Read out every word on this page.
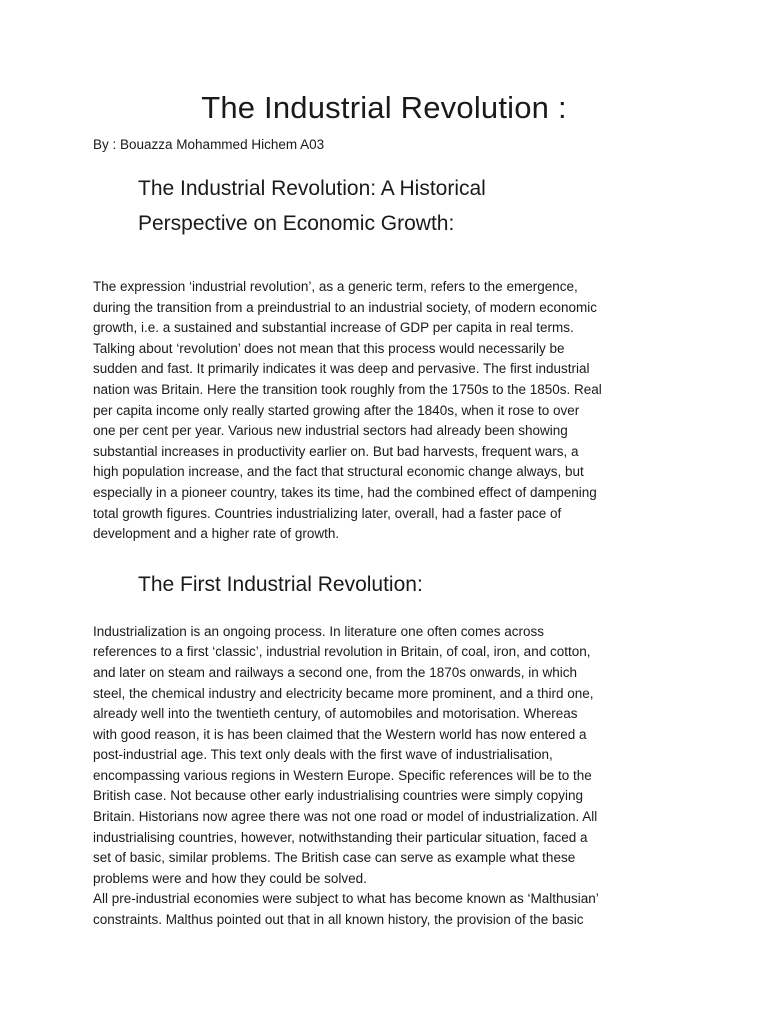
The Industrial Revolution :

By : Bouazza Mohammed Hichem A03

The Industrial Revolution: A Historical
Perspective on Economic Growth:

The expression ‘industrial revolution’, as a generic term, refers to the emergence,
during the transition from a preindustrial to an industrial society, of modern economic
growth, i.e. a sustained and substantial increase of GDP per capita in real terms.
Talking about ‘revolution’ does not mean that this process would necessarily be
sudden and fast. It primarily indicates it was deep and pervasive. The first industrial
nation was Britain. Here the transition took roughly from the 1750s to the 1850s. Real
per capita income only really started growing after the 1840s, when it rose to over
one per cent per year. Various new industrial sectors had already been showing
substantial increases in productivity earlier on. But bad harvests, frequent wars, a
high population increase, and the fact that structural economic change always, but
especially in a pioneer country, takes its time, had the combined effect of dampening
total growth figures. Countries industrializing later, overall, had a faster pace of
development and a higher rate of growth.

The First Industrial Revolution:

Industrialization is an ongoing process. In literature one often comes across
references to a first ‘classic’, industrial revolution in Britain, of coal, iron, and cotton,
and later on steam and railways a second one, from the 1870s onwards, in which
steel, the chemical industry and electricity became more prominent, and a third one,
already well into the twentieth century, of automobiles and motorisation. Whereas
with good reason, it is has been claimed that the Western world has now entered a
post-industrial age. This text only deals with the first wave of industrialisation,
encompassing various regions in Western Europe. Specific references will be to the
British case. Not because other early industrialising countries were simply copying
Britain. Historians now agree there was not one road or model of industrialization. All
industrialising countries, however, notwithstanding their particular situation, faced a
set of basic, similar problems. The British case can serve as example what these
problems were and how they could be solved.

All pre-industrial economies were subject to what has become known as ‘Malthusian’
constraints. Malthus pointed out that in all known history, the provision of the basic
